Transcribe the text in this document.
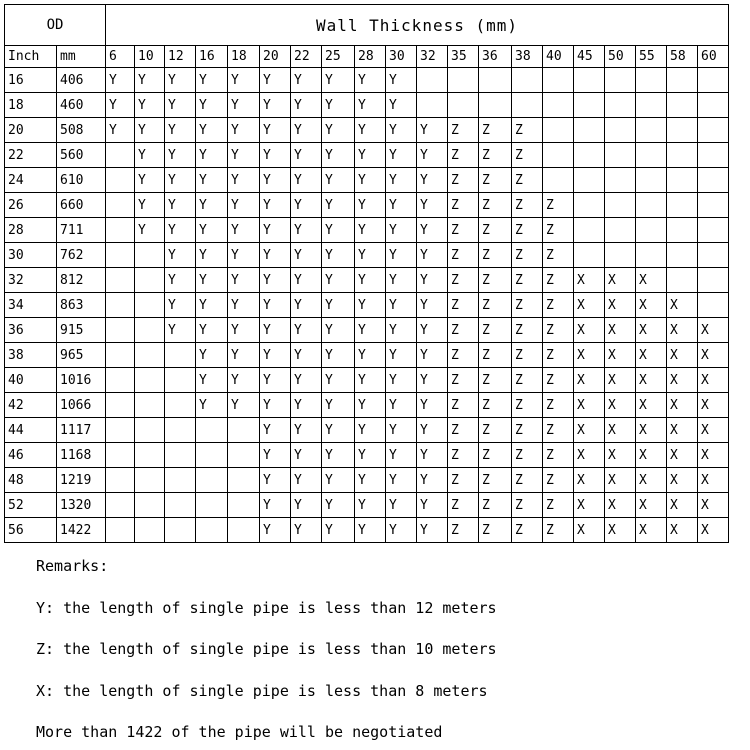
OD		Wall Thickness (mm)																			
Inch	mm	6	10	12	16	18	20	22	25	28	30	32	35	36	38	40	45	50	55	58	60
16	406	Y	Y	Y	Y	Y	Y	Y	Y	Y	Y										
18	460	Y	Y	Y	Y	Y	Y	Y	Y	Y	Y										
20	508	Y	Y	Y	Y	Y	Y	Y	Y	Y	Y	Y	Z	Z	Z						
22	560		Y	Y	Y	Y	Y	Y	Y	Y	Y	Y	Z	Z	Z						
24	610		Y	Y	Y	Y	Y	Y	Y	Y	Y	Y	Z	Z	Z						
26	660		Y	Y	Y	Y	Y	Y	Y	Y	Y	Y	Z	Z	Z	Z					
28	711		Y	Y	Y	Y	Y	Y	Y	Y	Y	Y	Z	Z	Z	Z					
30	762			Y	Y	Y	Y	Y	Y	Y	Y	Y	Z	Z	Z	Z					
32	812			Y	Y	Y	Y	Y	Y	Y	Y	Y	Z	Z	Z	Z	X	X	X		
34	863			Y	Y	Y	Y	Y	Y	Y	Y	Y	Z	Z	Z	Z	X	X	X	X	
36	915			Y	Y	Y	Y	Y	Y	Y	Y	Y	Z	Z	Z	Z	X	X	X	X	X
38	965				Y	Y	Y	Y	Y	Y	Y	Y	Z	Z	Z	Z	X	X	X	X	X
40	1016				Y	Y	Y	Y	Y	Y	Y	Y	Z	Z	Z	Z	X	X	X	X	X
42	1066				Y	Y	Y	Y	Y	Y	Y	Y	Z	Z	Z	Z	X	X	X	X	X
44	1117						Y	Y	Y	Y	Y	Y	Z	Z	Z	Z	X	X	X	X	X
46	1168						Y	Y	Y	Y	Y	Y	Z	Z	Z	Z	X	X	X	X	X
48	1219						Y	Y	Y	Y	Y	Y	Z	Z	Z	Z	X	X	X	X	X
52	1320						Y	Y	Y	Y	Y	Y	Z	Z	Z	Z	X	X	X	X	X
56	1422						Y	Y	Y	Y	Y	Y	Z	Z	Z	Z	X	X	X	X	X
Remarks:
Y: the length of single pipe is less than 12 meters
Z: the length of single pipe is less than 10 meters
X: the length of single pipe is less than 8 meters
More than 1422 of the pipe will be negotiated
